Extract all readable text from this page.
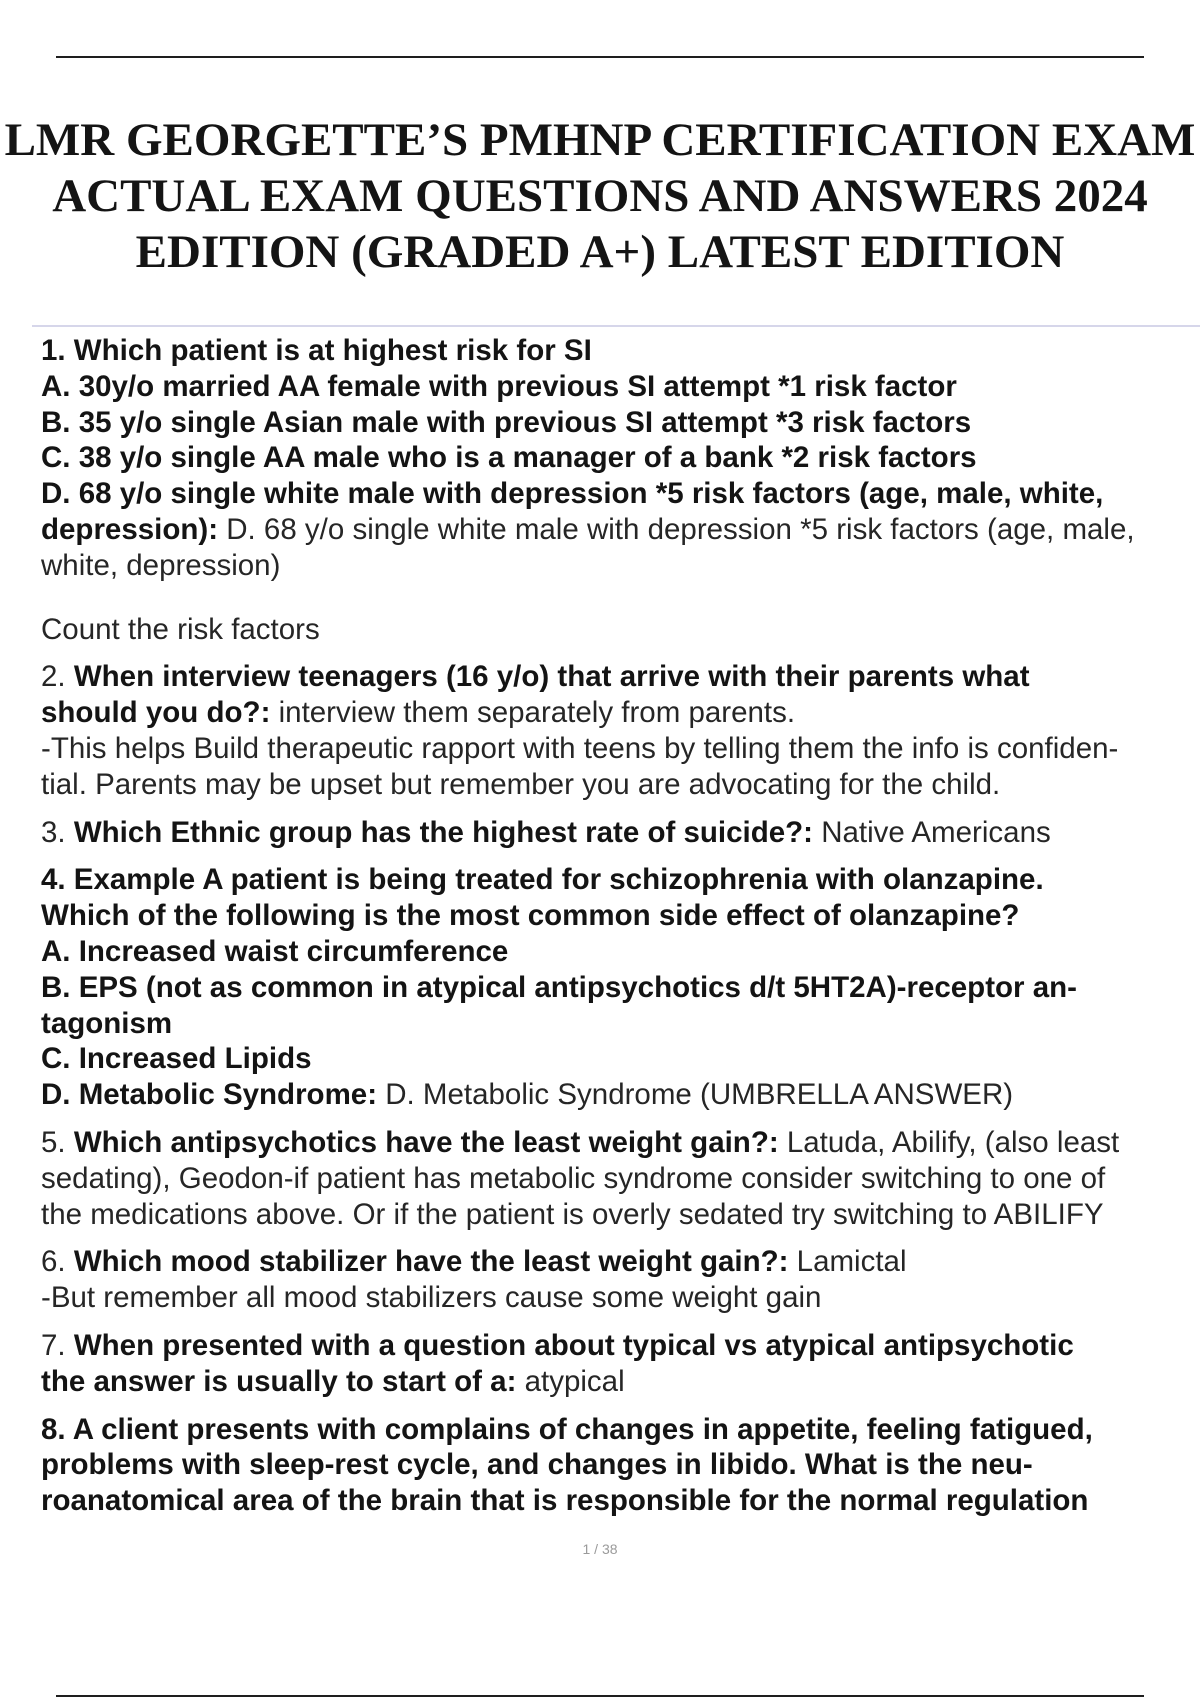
LMR GEORGETTE’S PMHNP CERTIFICATION EXAM
ACTUAL EXAM QUESTIONS AND ANSWERS 2024
EDITION (GRADED A+) LATEST EDITION
1. Which patient is at highest risk for SI
A. 30y/o married AA female with previous SI attempt *1 risk factor
B. 35 y/o single Asian male with previous SI attempt *3 risk factors
C. 38 y/o single AA male who is a manager of a bank *2 risk factors
D. 68 y/o single white male with depression *5 risk factors (age, male, white,
depression): D. 68 y/o single white male with depression *5 risk factors (age, male,
white, depression)
Count the risk factors
2. When interview teenagers (16 y/o) that arrive with their parents what
should you do?: interview them separately from parents.
-This helps Build therapeutic rapport with teens by telling them the info is confiden-
tial. Parents may be upset but remember you are advocating for the child.
3. Which Ethnic group has the highest rate of suicide?: Native Americans
4. Example A patient is being treated for schizophrenia with olanzapine.
Which of the following is the most common side effect of olanzapine?
A. Increased waist circumference
B. EPS (not as common in atypical antipsychotics d/t 5HT2A)-receptor an-
tagonism
C. Increased Lipids
D. Metabolic Syndrome: D. Metabolic Syndrome (UMBRELLA ANSWER)
5. Which antipsychotics have the least weight gain?: Latuda, Abilify, (also least
sedating), Geodon-if patient has metabolic syndrome consider switching to one of
the medications above. Or if the patient is overly sedated try switching to ABILIFY
6. Which mood stabilizer have the least weight gain?: Lamictal
-But remember all mood stabilizers cause some weight gain
7. When presented with a question about typical vs atypical antipsychotic
the answer is usually to start of a: atypical
8. A client presents with complains of changes in appetite, feeling fatigued,
problems with sleep-rest cycle, and changes in libido. What is the neu-
roanatomical area of the brain that is responsible for the normal regulation
1 / 38
